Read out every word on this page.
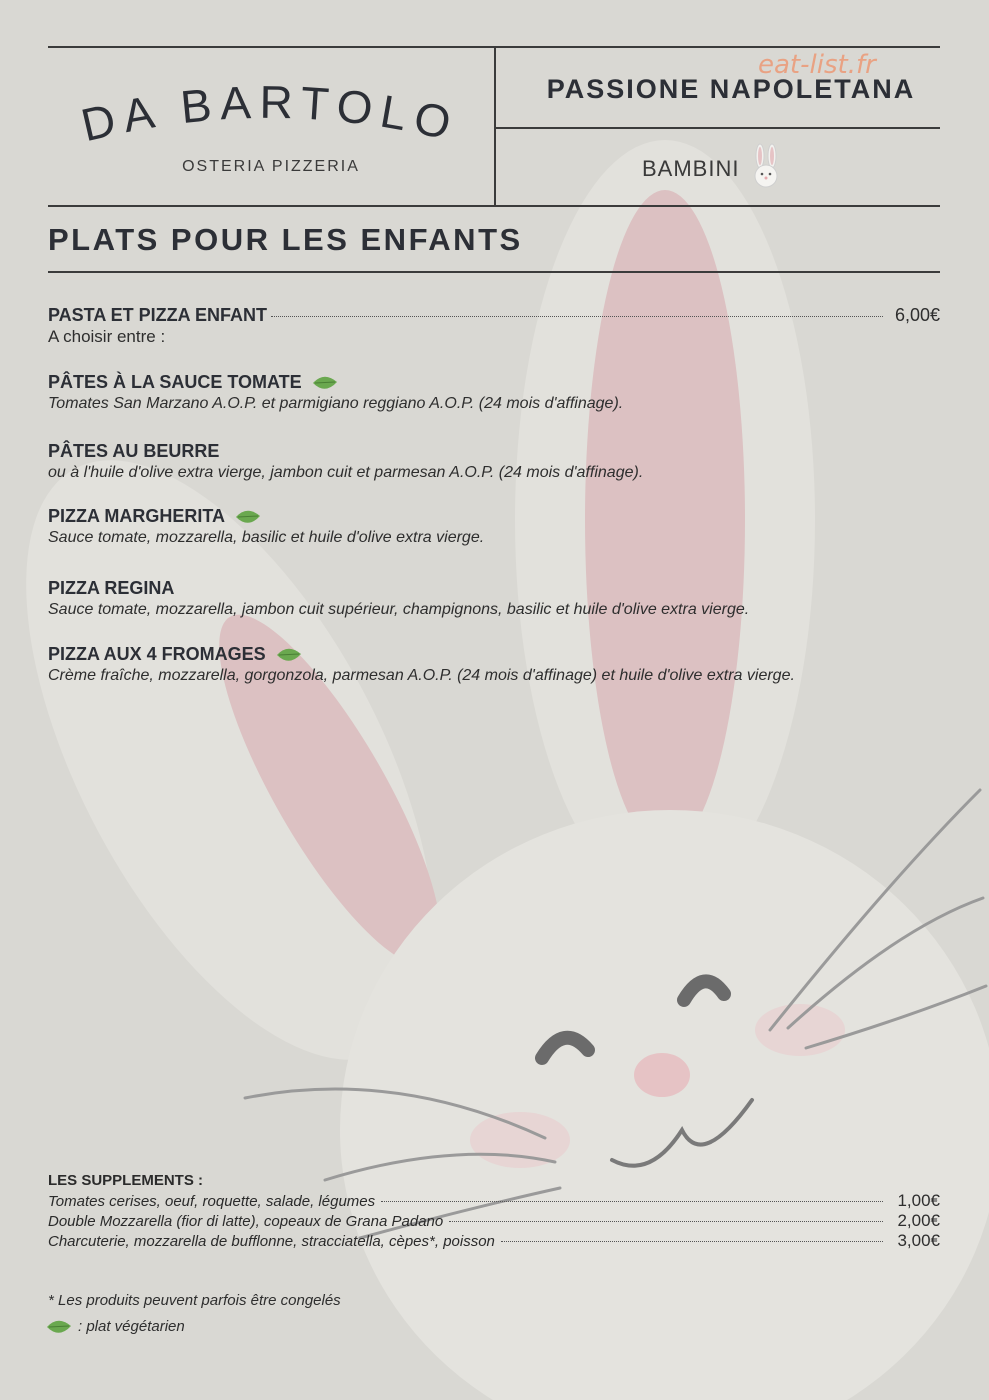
DA BARTOLO
OSTERIA PIZZERIA
PASSIONE NAPOLETANA
eat-list.fr
BAMBINI
PLATS POUR LES ENFANTS
PASTA ET PIZZA ENFANT	6,00€
A choisir entre :
PÂTES À LA SAUCE TOMATE
Tomates San Marzano A.O.P. et parmigiano reggiano A.O.P. (24 mois d'affinage).
PÂTES AU BEURRE
ou à l'huile d'olive extra vierge, jambon cuit et parmesan A.O.P. (24 mois d'affinage).
PIZZA MARGHERITA
Sauce tomate, mozzarella, basilic et huile d'olive extra vierge.
PIZZA REGINA
Sauce tomate, mozzarella, jambon cuit supérieur, champignons, basilic et huile d'olive extra vierge.
PIZZA AUX 4 FROMAGES
Crème fraîche, mozzarella, gorgonzola, parmesan A.O.P. (24 mois d'affinage) et huile d'olive extra vierge.
LES SUPPLEMENTS :
Tomates cerises, oeuf, roquette, salade, légumes	1,00€
Double Mozzarella (fior di latte), copeaux de Grana Padano	2,00€
Charcuterie, mozzarella de bufflonne, stracciatella, cèpes*, poisson	3,00€
* Les produits peuvent parfois être congelés
: plat végétarien
